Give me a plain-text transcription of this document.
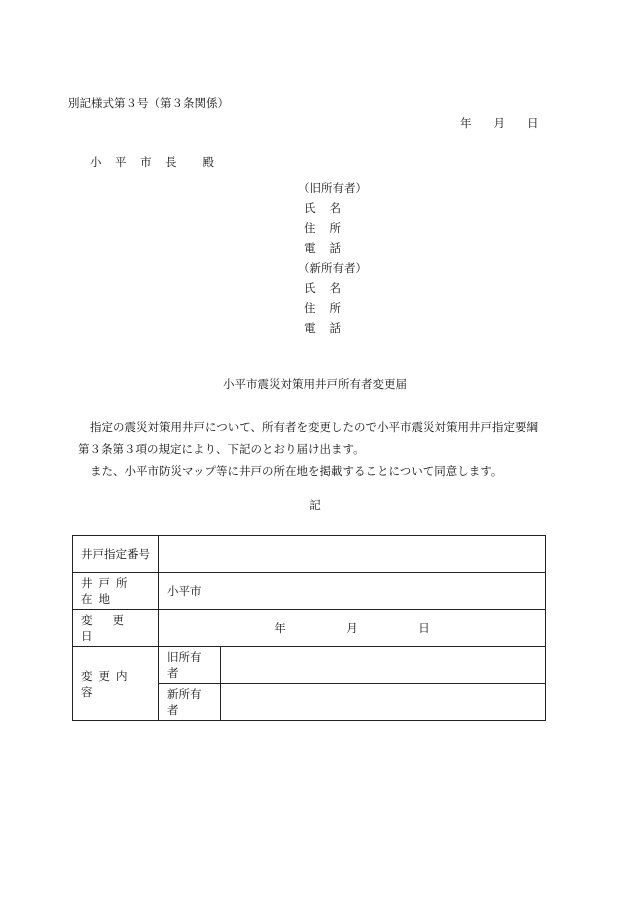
別記様式第３号（第３条関係）
年 月 日
小　平　市　長　　殿
（旧所有者）
氏名
住所
電話
（新所有者）
氏名
住所
電話
小平市震災対策用井戸所有者変更届

指定の震災対策用井戸について、所有者を変更したので小平市震災対策用井戸指定要綱

第３条第３項の規定により、下記のとおり届け出ます。

また、小平市防災マップ等に井戸の所在地を掲載することについて同意します。

記
井戸指定番号		
井戸所在地	小平市	
変更日	年 月 日	
変更内容	旧所有者	
	新所有者	
